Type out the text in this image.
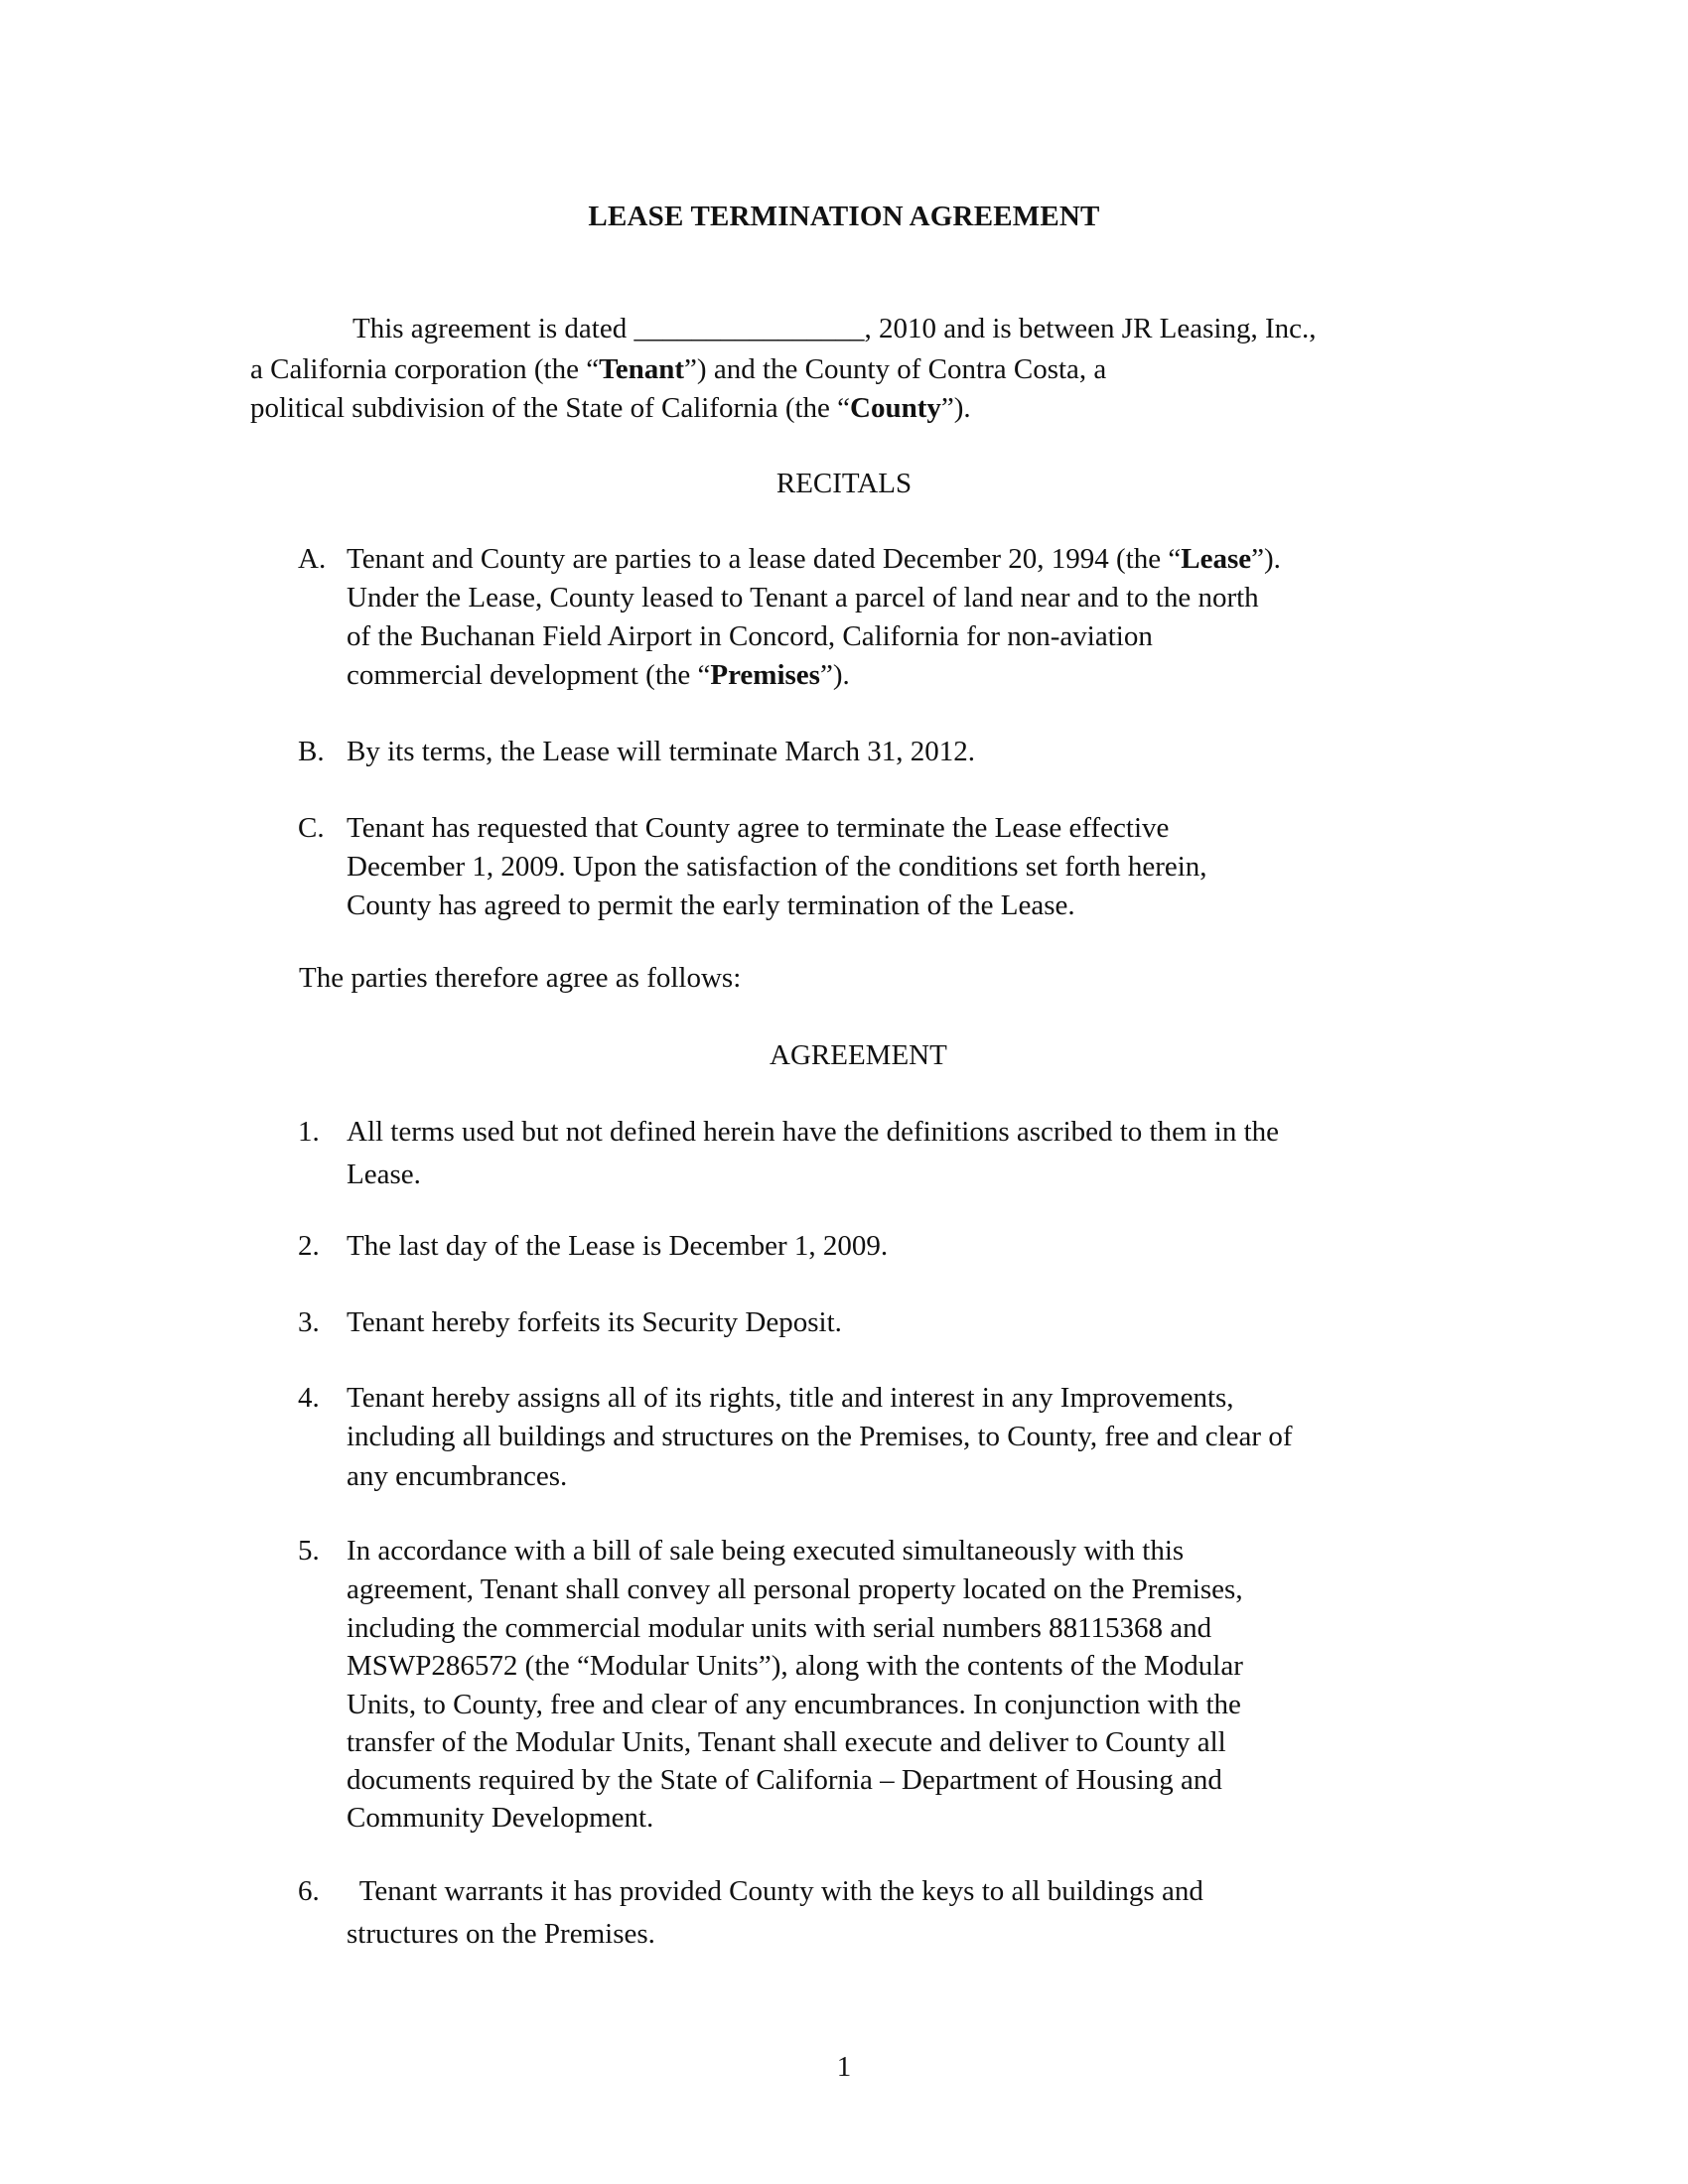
LEASE TERMINATION AGREEMENT
This agreement is dated ________________, 2010 and is between JR Leasing, Inc.,
a California corporation (the “Tenant”) and the County of Contra Costa, a
political subdivision of the State of California (the “County”).
RECITALS
A. Tenant and County are parties to a lease dated December 20, 1994 (the “Lease”).
Under the Lease, County leased to Tenant a parcel of land near and to the north
of the Buchanan Field Airport in Concord, California for non-aviation
commercial development (the “Premises”).
B. By its terms, the Lease will terminate March 31, 2012.
C. Tenant has requested that County agree to terminate the Lease effective
December 1, 2009. Upon the satisfaction of the conditions set forth herein,
County has agreed to permit the early termination of the Lease.
The parties therefore agree as follows:
AGREEMENT
1. All terms used but not defined herein have the definitions ascribed to them in the
Lease.
2. The last day of the Lease is December 1, 2009.
3. Tenant hereby forfeits its Security Deposit.
4. Tenant hereby assigns all of its rights, title and interest in any Improvements,
including all buildings and structures on the Premises, to County, free and clear of
any encumbrances.
5. In accordance with a bill of sale being executed simultaneously with this
agreement, Tenant shall convey all personal property located on the Premises,
including the commercial modular units with serial numbers 88115368 and
MSWP286572 (the “Modular Units”), along with the contents of the Modular
Units, to County, free and clear of any encumbrances. In conjunction with the
transfer of the Modular Units, Tenant shall execute and deliver to County all
documents required by the State of California – Department of Housing and
Community Development.
6. Tenant warrants it has provided County with the keys to all buildings and
structures on the Premises.
1
